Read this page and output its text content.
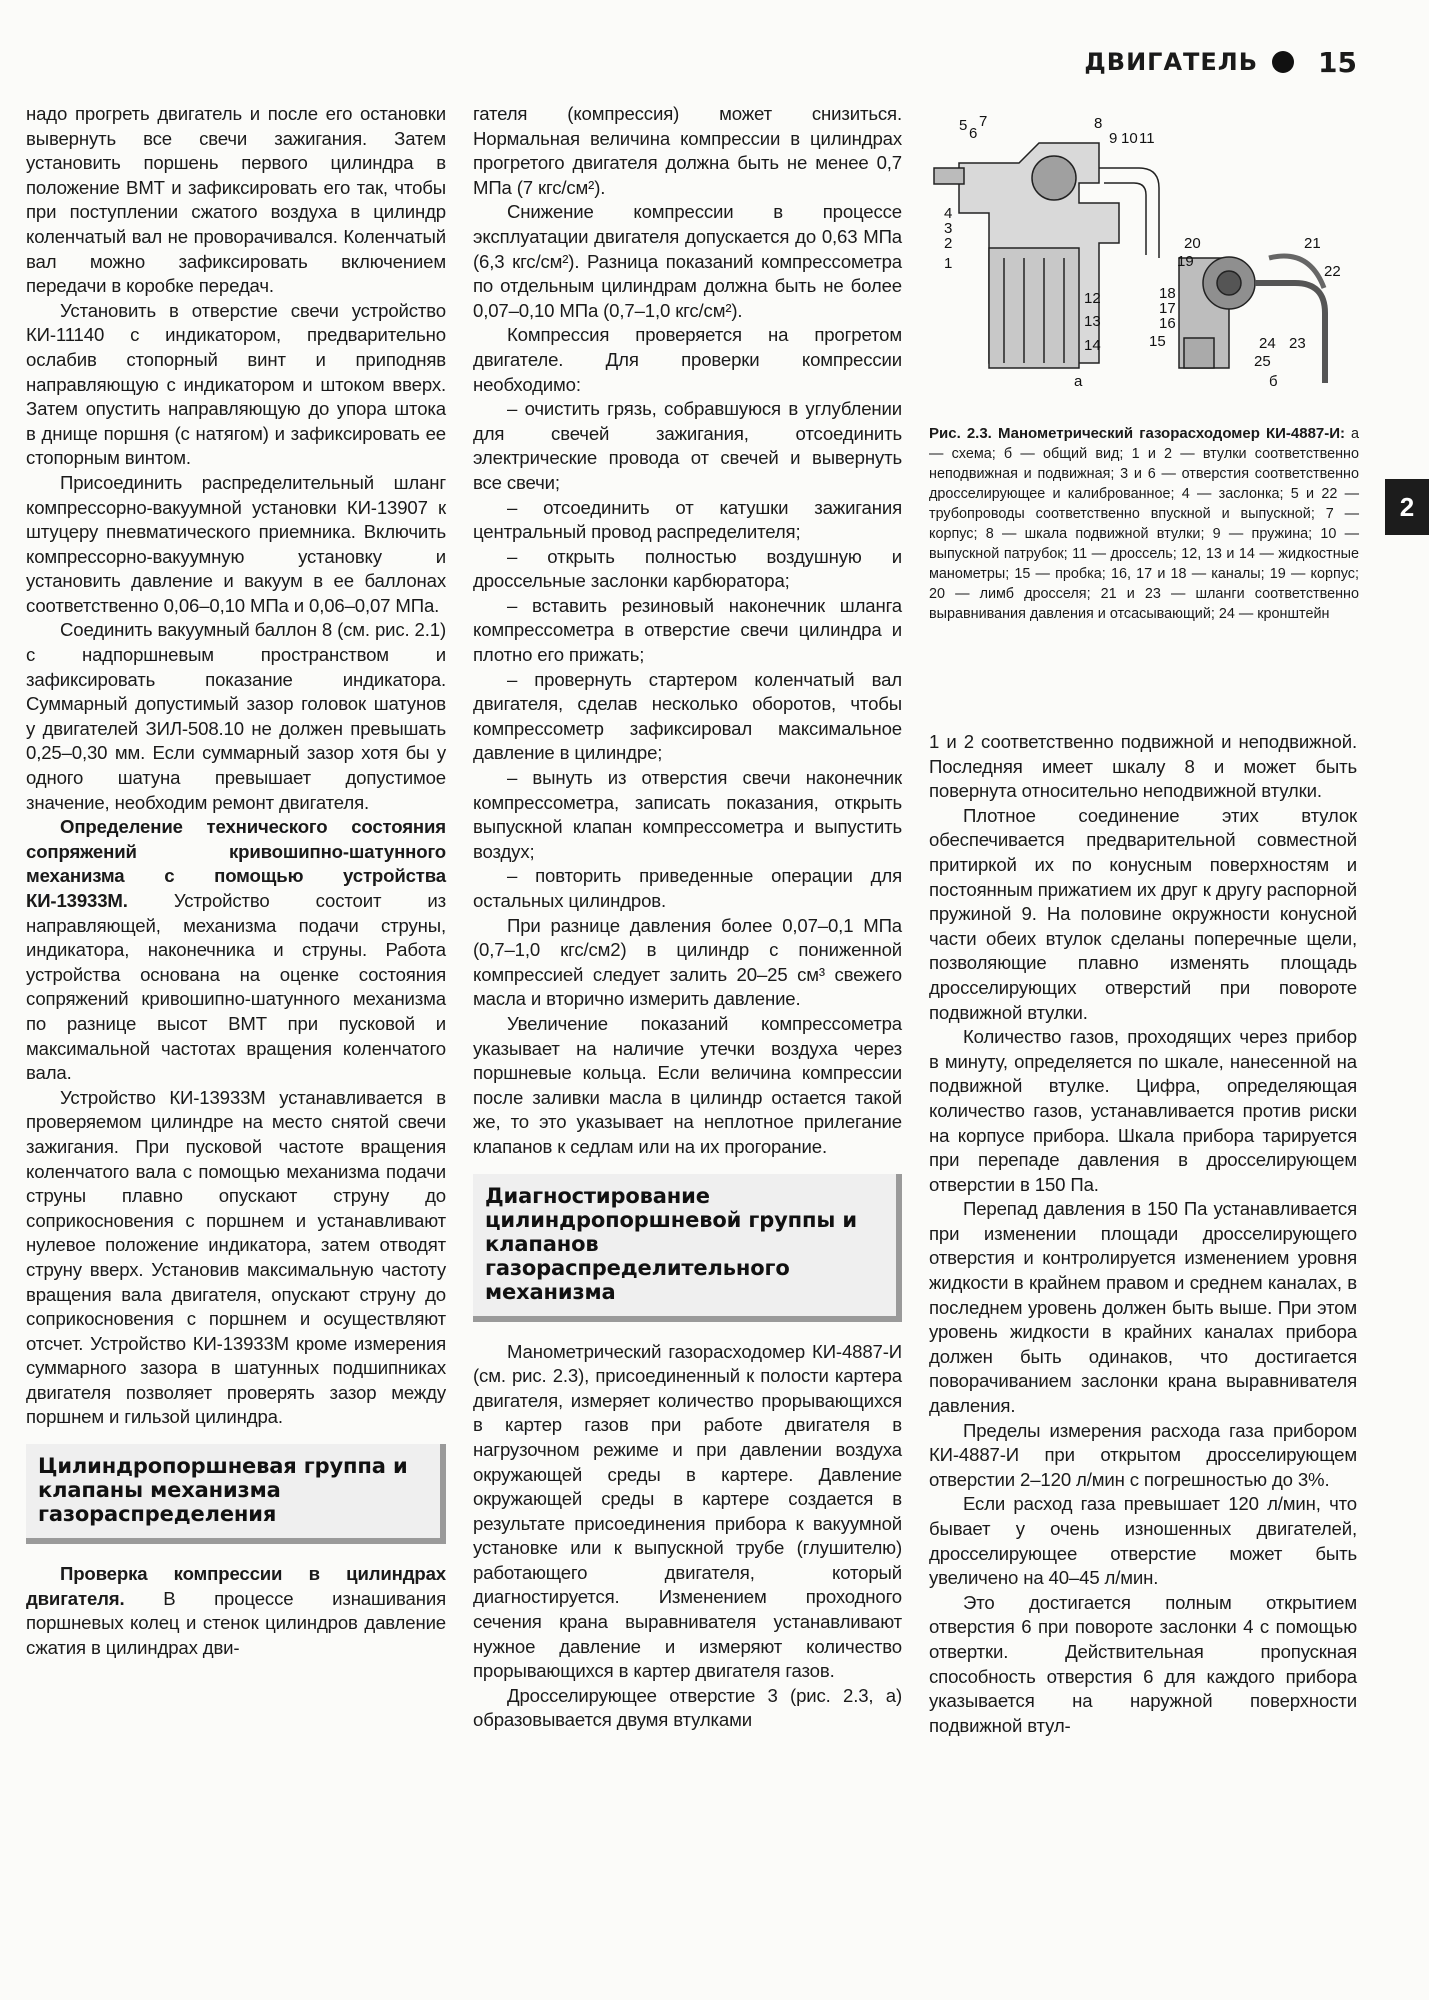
ДВИГАТЕЛЬ 15
2

надо прогреть двигатель и после его остановки вывернуть все свечи зажигания. Затем установить поршень первого цилиндра в положение ВМТ и зафиксировать его так, чтобы при поступлении сжатого воздуха в цилиндр коленчатый вал не проворачивался. Коленчатый вал можно зафиксировать включением передачи в коробке передач.

Установить в отверстие свечи устройство КИ-11140 с индикатором, предварительно ослабив стопорный винт и приподняв направляющую с индикатором и штоком вверх. Затем опустить направляющую до упора штока в днище поршня (с натягом) и зафиксировать ее стопорным винтом.

Присоединить распределительный шланг компрессорно-вакуумной установки КИ-13907 к штуцеру пневматического приемника. Включить компрессорно-вакуумную установку и установить давление и вакуум в ее баллонах соответственно 0,06–0,10 МПа и 0,06–0,07 МПа.

Соединить вакуумный баллон 8 (см. рис. 2.1) с надпоршневым пространством и зафиксировать показание индикатора. Суммарный допустимый зазор головок шатунов у двигателей ЗИЛ-508.10 не должен превышать 0,25–0,30 мм. Если суммарный зазор хотя бы у одного шатуна превышает допустимое значение, необходим ремонт двигателя.

Определение технического состояния сопряжений кривошипно-шатунного механизма с помощью устройства КИ-13933М. Устройство состоит из направляющей, механизма подачи струны, индикатора, наконечника и струны. Работа устройства основана на оценке состояния сопряжений кривошипно-шатунного механизма по разнице высот ВМТ при пусковой и максимальной частотах вращения коленчатого вала.

Устройство КИ-13933М устанавливается в проверяемом цилиндре на место снятой свечи зажигания. При пусковой частоте вращения коленчатого вала с помощью механизма подачи струны плавно опускают струну до соприкосновения с поршнем и устанавливают нулевое положение индикатора, затем отводят струну вверх. Установив максимальную частоту вращения вала двигателя, опускают струну до соприкосновения с поршнем и осуществляют отсчет. Устройство КИ-13933М кроме измерения суммарного зазора в шатунных подшипниках двигателя позволяет проверять зазор между поршнем и гильзой цилиндра.

Цилиндропоршневая группа и клапаны механизма газораспределения

Проверка компрессии в цилиндрах двигателя. В процессе изнашивания поршневых колец и стенок цилиндров давление сжатия в цилиндрах дви-

гателя (компрессия) может снизиться. Нормальная величина компрессии в цилиндрах прогретого двигателя должна быть не менее 0,7 МПа (7 кгс/см²).

Снижение компрессии в процессе эксплуатации двигателя допускается до 0,63 МПа (6,3 кгс/см²). Разница показаний компрессометра по отдельным цилиндрам должна быть не более 0,07–0,10 МПа (0,7–1,0 кгс/см²).

Компрессия проверяется на прогретом двигателе. Для проверки компрессии необходимо:

– очистить грязь, собравшуюся в углублении для свечей зажигания, отсоединить электрические провода от свечей и вывернуть все свечи;

– отсоединить от катушки зажигания центральный провод распределителя;

– открыть полностью воздушную и дроссельные заслонки карбюратора;

– вставить резиновый наконечник шланга компрессометра в отверстие свечи цилиндра и плотно его прижать;

– провернуть стартером коленчатый вал двигателя, сделав несколько оборотов, чтобы компрессометр зафиксировал максимальное давление в цилиндре;

– вынуть из отверстия свечи наконечник компрессометра, записать показания, открыть выпускной клапан компрессометра и выпустить воздух;

– повторить приведенные операции для остальных цилиндров.

При разнице давления более 0,07–0,1 МПа (0,7–1,0 кгс/см2) в цилиндр с пониженной компрессией следует залить 20–25 см³ свежего масла и вторично измерить давление.

Увеличение показаний компрессометра указывает на наличие утечки воздуха через поршневые кольца. Если величина компрессии после заливки масла в цилиндр остается такой же, то это указывает на неплотное прилегание клапанов к седлам или на их прогорание.

Диагностирование цилиндропоршневой группы и клапанов газораспределительного механизма

Манометрический газорасходомер КИ-4887-И (см. рис. 2.3), присоединенный к полости картера двигателя, измеряет количество прорывающихся в картер газов при работе двигателя в нагрузочном режиме и при давлении воздуха окружающей среды в картере. Давление окружающей среды в картере создается в результате присоединения прибора к вакуумной установке или к выпускной трубе (глушителю) работающего двигателя, который диагностируется. Изменением проходного сечения крана выравнивателя устанавливают нужное давление и измеряют количество прорывающихся в картер двигателя газов.

Дросселирующее отверстие 3 (рис. 2.3, а) образовывается двумя втулками

5 6
7	8
9 10 11
4
3
2
1
12
13
14
а
20
19
18
17
16
15
21
22
24 23
25
б
Рис. 2.3. Манометрический газорасходомер КИ-4887-И: а — схема; б — общий вид; 1 и 2 — втулки соответственно неподвижная и подвижная; 3 и 6 — отверстия соответственно дросселирующее и калиброванное; 4 — заслонка; 5 и 22 — трубопроводы соответственно впускной и выпускной; 7 — корпус; 8 — шкала подвижной втулки; 9 — пружина; 10 — выпускной патрубок; 11 — дроссель; 12, 13 и 14 — жидкостные манометры; 15 — пробка; 16, 17 и 18 — каналы; 19 — корпус; 20 — лимб дросселя; 21 и 23 — шланги соответственно выравнивания давления и отсасывающий; 24 — кронштейн

1 и 2 соответственно подвижной и неподвижной. Последняя имеет шкалу 8 и может быть повернута относительно неподвижной втулки.

Плотное соединение этих втулок обеспечивается предварительной совместной притиркой их по конусным поверхностям и постоянным прижатием их друг к другу распорной пружиной 9. На половине окружности конусной части обеих втулок сделаны поперечные щели, позволяющие плавно изменять площадь дросселирующих отверстий при повороте подвижной втулки.

Количество газов, проходящих через прибор в минуту, определяется по шкале, нанесенной на подвижной втулке. Цифра, определяющая количество газов, устанавливается против риски на корпусе прибора. Шкала прибора тарируется при перепаде давления в дросселирующем отверстии в 150 Па.

Перепад давления в 150 Па устанавливается при изменении площади дросселирующего отверстия и контролируется изменением уровня жидкости в крайнем правом и среднем каналах, в последнем уровень должен быть выше. При этом уровень жидкости в крайних каналах прибора должен быть одинаков, что достигается поворачиванием заслонки крана выравнивателя давления.

Пределы измерения расхода газа прибором КИ-4887-И при открытом дросселирующем отверстии 2–120 л/мин с погрешностью до 3%.

Если расход газа превышает 120 л/мин, что бывает у очень изношенных двигателей, дросселирующее отверстие может быть увеличено на 40–45 л/мин.

Это достигается полным открытием отверстия 6 при повороте заслонки 4 с помощью отвертки. Действительная пропускная способность отверстия 6 для каждого прибора указывается на наружной поверхности подвижной втул-
